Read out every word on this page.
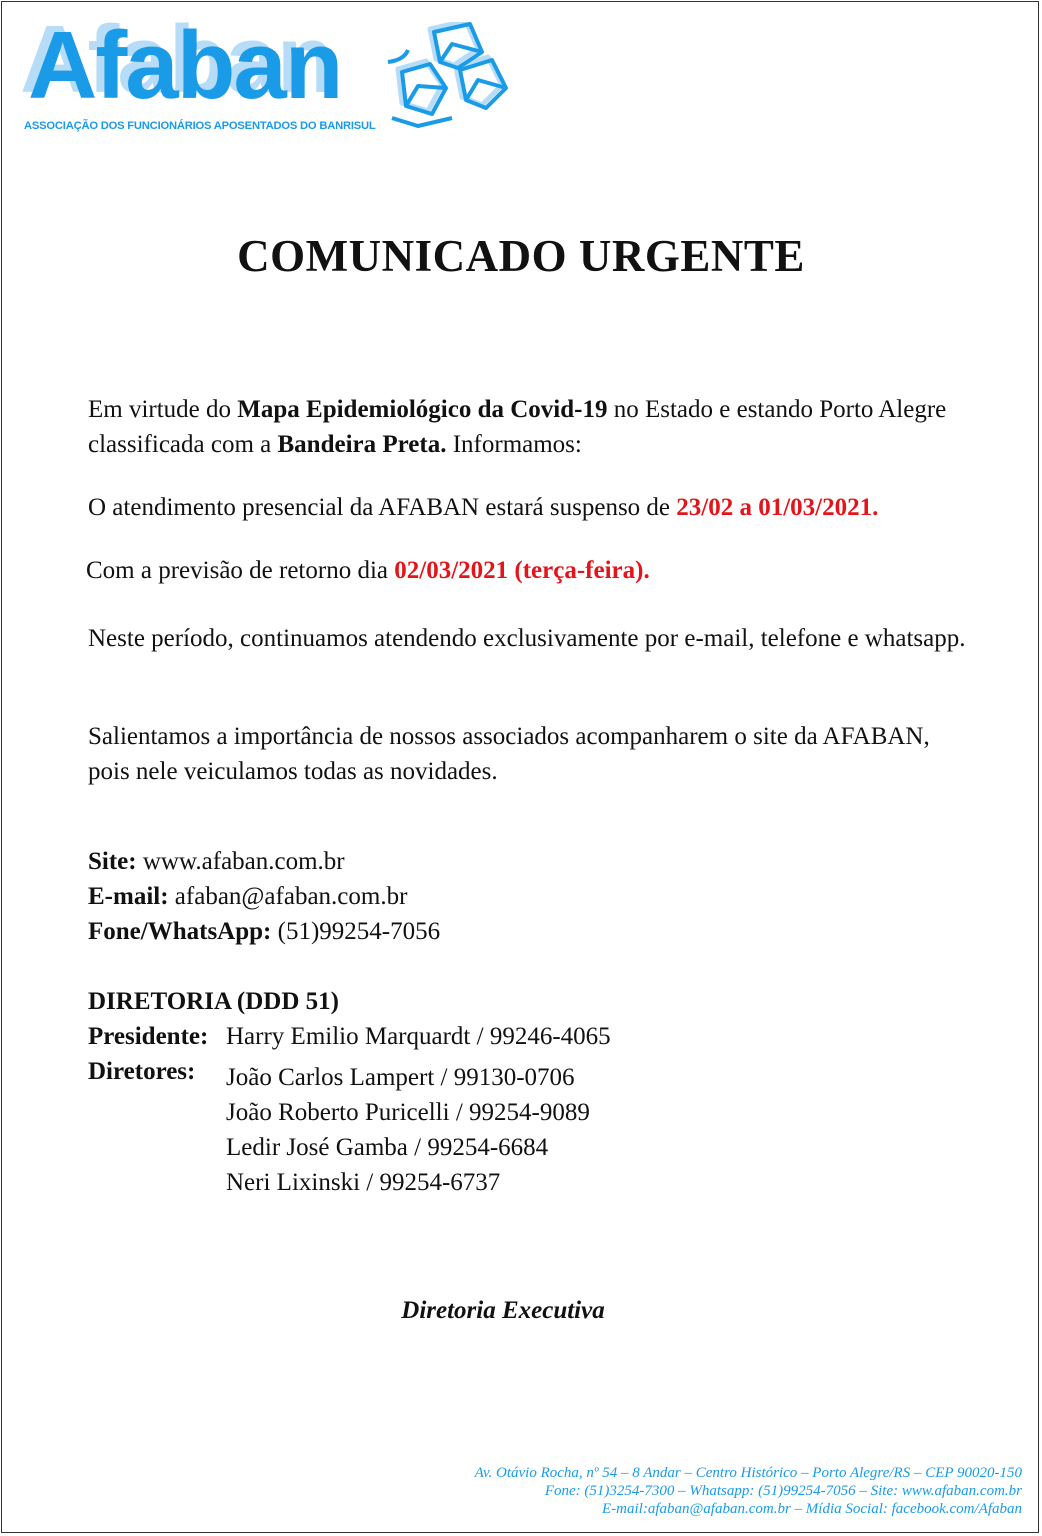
Afaban
ASSOCIAÇÃO DOS FUNCIONÁRIOS APOSENTADOS DO BANRISUL
COMUNICADO URGENTE
Em virtude do Mapa Epidemiológico da Covid-19 no Estado e estando Porto Alegre classificada com a Bandeira Preta. Informamos:
O atendimento presencial da AFABAN estará suspenso de 23/02 a 01/03/2021.
Com a previsão de retorno dia 02/03/2021 (terça-feira).
Neste período, continuamos atendendo exclusivamente por e-mail, telefone e whatsapp.
Salientamos a importância de nossos associados acompanharem o site da AFABAN, pois nele veiculamos todas as novidades.
Site: www.afaban.com.br
E-mail: afaban@afaban.com.br
Fone/WhatsApp: (51)99254-7056
DIRETORIA (DDD 51)
Presidente: Harry Emilio Marquardt / 99246-4065
Diretores:	João Carlos Lampert / 99130-0706
João Roberto Puricelli / 99254-9089
Ledir José Gamba / 99254-6684
Neri Lixinski / 99254-6737
Diretoria Executiva
Av. Otávio Rocha, nº 54 – 8 Andar – Centro Histórico – Porto Alegre/RS – CEP 90020-150
Fone: (51)3254-7300 – Whatsapp: (51)99254-7056 – Site: www.afaban.com.br
E-mail:afaban@afaban.com.br – Mídia Social: facebook.com/Afaban
